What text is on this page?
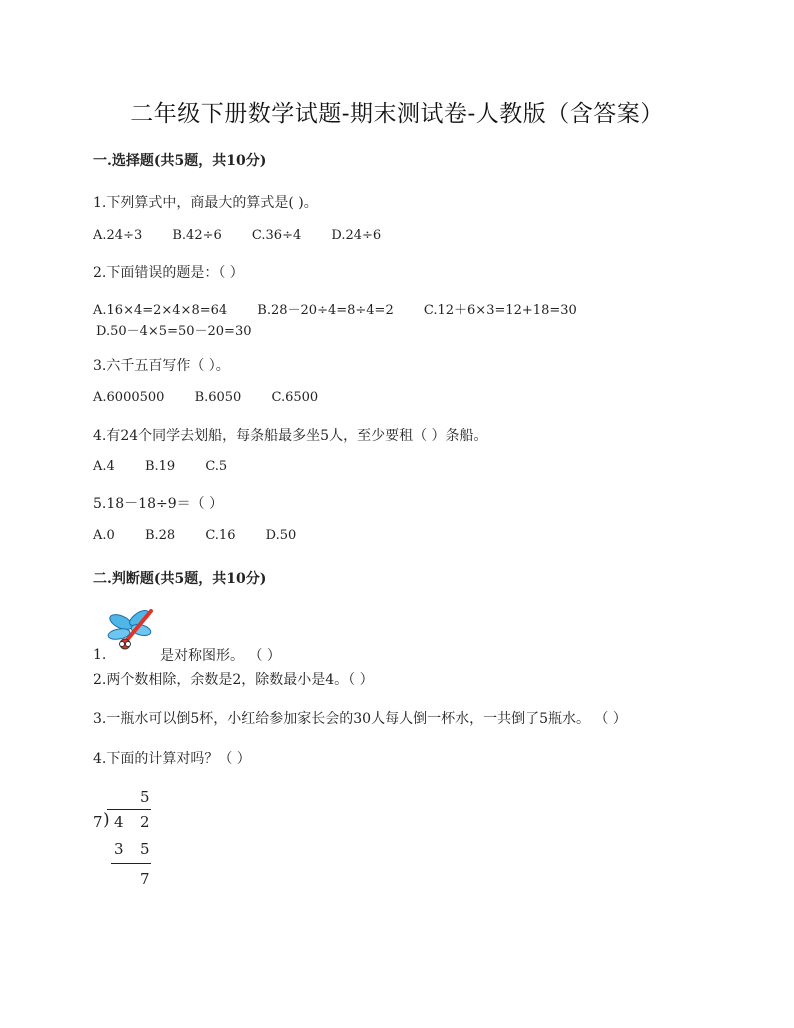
二年级下册数学试题-期末测试卷-人教版（含答案）
一.选择题(共5题，共10分)
1.下列算式中，商最大的算式是( )。
A.24÷3 B.42÷6 C.36÷4 D.24÷6
2.下面错误的题是：（ ）
A.16×4=2×4×8=64 B.28－20÷4=8÷4=2 C.12＋6×3=12+18=30
D.50－4×5=50－20=30
3.六千五百写作（ ）。
A.6000500 B.6050 C.6500
4.有24个同学去划船，每条船最多坐5人，至少要租（ ）条船。
A.4 B.19 C.5
5.18－18÷9＝（ ）
A.0 B.28 C.16 D.50
二.判断题(共5题，共10分)
1.	是对称图形。 （ ）
2.两个数相除，余数是2，除数最小是4。（ ）
3.一瓶水可以倒5杯，小红给参加家长会的30人每人倒一杯水，一共倒了5瓶水。 （ ）
4.下面的计算对吗？（ ）
5
7 ) 4 2
3 5
7
